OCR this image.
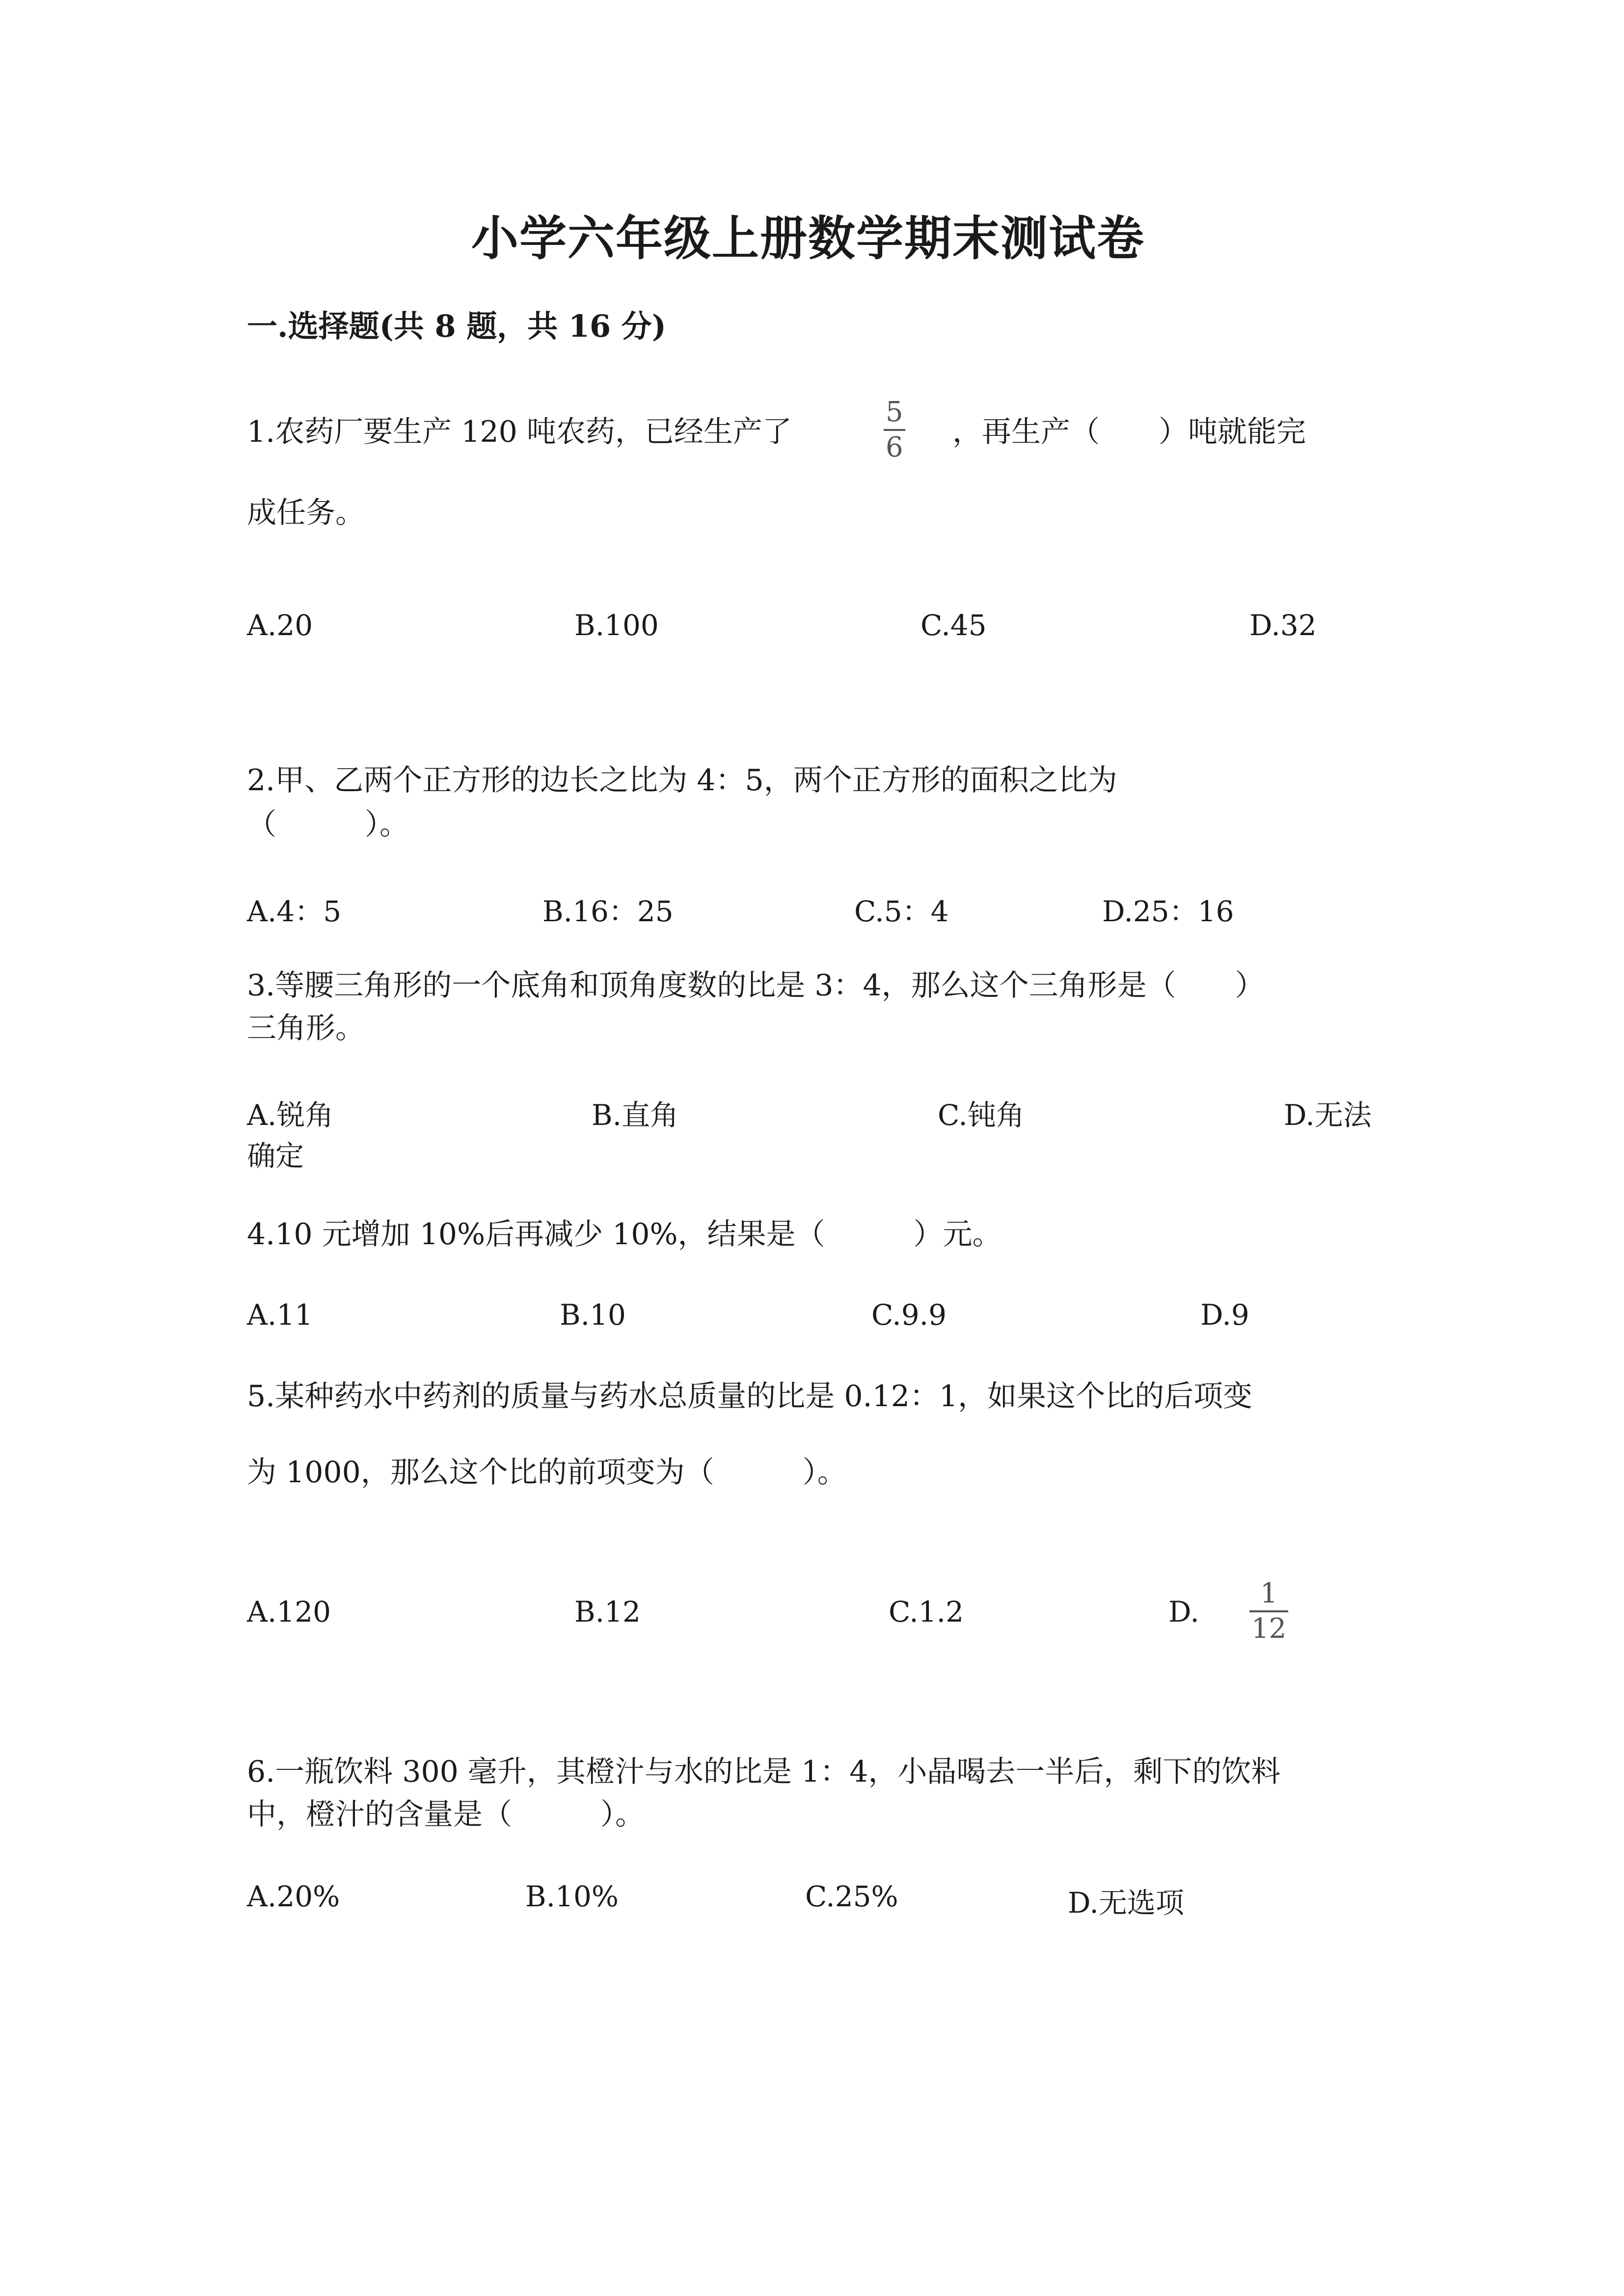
小学六年级上册数学期末测试卷
一.选择题(共 8 题，共 16 分)
1.农药厂要生产 120 吨农药，已经生产了
5
6 ，再生产（　　）吨就能完
成任务。
A.20	B.100	C.45	D.32
2.甲、乙两个正方形的边长之比为 4：5，两个正方形的面积之比为
（　　　）。
A.4：5	B.16：25	C.5：4	D.25：16
3.等腰三角形的一个底角和顶角度数的比是 3：4，那么这个三角形是（　　）
三角形。
A.锐角	B.直角	C.钝角	D.无法
确定
4.10 元增加 10%后再减少 10%，结果是（　　　）元。
A.11	B.10	C.9.9	D.9
5.某种药水中药剂的质量与药水总质量的比是 0.12：1，如果这个比的后项变
为 1000，那么这个比的前项变为（　　　）。
A.120	B.12	C.1.2	D.
1
12
6.一瓶饮料 300 毫升，其橙汁与水的比是 1：4，小晶喝去一半后，剩下的饮料
中，橙汁的含量是（　　　）。
A.20%	B.10%	C.25%	D.无选项
